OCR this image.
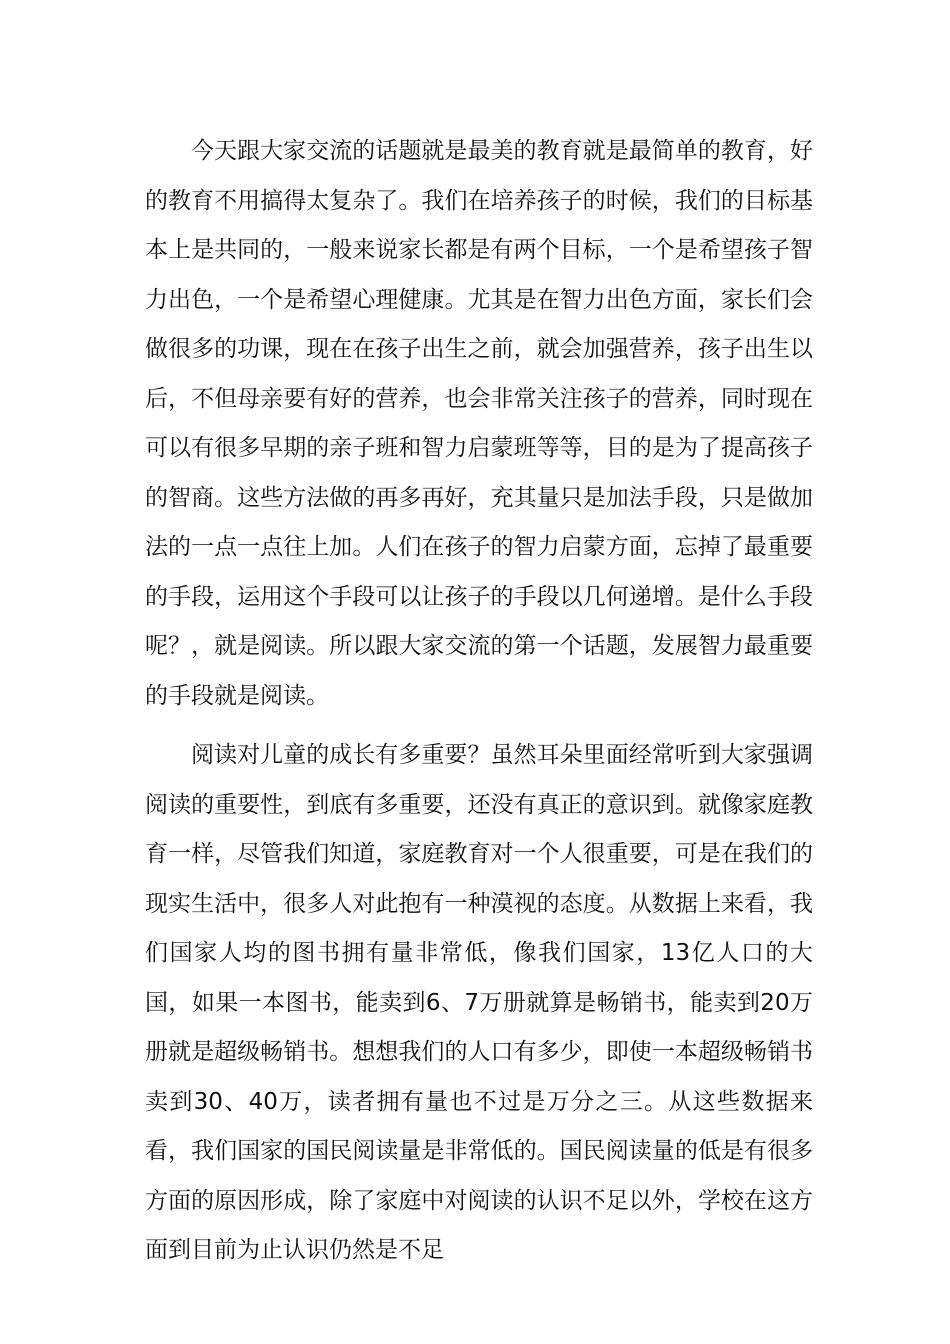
今天跟大家交流的话题就是最美的教育就是最简单的教育，好的教育不用搞得太复杂了。我们在培养孩子的时候，我们的目标基本上是共同的，一般来说家长都是有两个目标，一个是希望孩子智力出色，一个是希望心理健康。尤其是在智力出色方面，家长们会做很多的功课，现在在孩子出生之前，就会加强营养，孩子出生以后，不但母亲要有好的营养，也会非常关注孩子的营养，同时现在可以有很多早期的亲子班和智力启蒙班等等，目的是为了提高孩子的智商。这些方法做的再多再好，充其量只是加法手段，只是做加法的一点一点往上加。人们在孩子的智力启蒙方面，忘掉了最重要的手段，运用这个手段可以让孩子的手段以几何递增。是什么手段呢？，就是阅读。所以跟大家交流的第一个话题，发展智力最重要的手段就是阅读。

阅读对儿童的成长有多重要？虽然耳朵里面经常听到大家强调阅读的重要性，到底有多重要，还没有真正的意识到。就像家庭教育一样，尽管我们知道，家庭教育对一个人很重要，可是在我们的现实生活中，很多人对此抱有一种漠视的态度。从数据上来看，我们国家人均的图书拥有量非常低，像我们国家，13亿人口的大国，如果一本图书，能卖到6、7万册就算是畅销书，能卖到20万册就是超级畅销书。想想我们的人口有多少，即使一本超级畅销书卖到30、40万，读者拥有量也不过是万分之三。从这些数据来看，我们国家的国民阅读量是非常低的。国民阅读量的低是有很多方面的原因形成，除了家庭中对阅读的认识不足以外，学校在这方面到目前为止认识仍然是不足
